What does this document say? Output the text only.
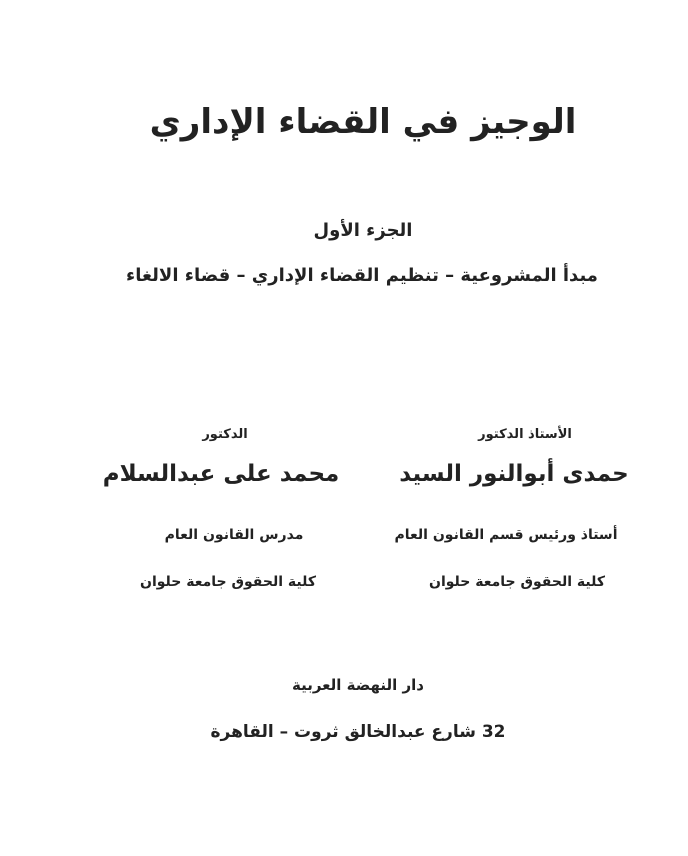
الوجيز في القضاء الإداري
الجزء الأول
مبدأ المشروعية – تنظيم القضاء الإداري – قضاء الالغاء
الأستاذ الدكتور
حمدى أبوالنور السيد
أستاذ ورئيس قسم القانون العام
كلية الحقوق جامعة حلوان
الدكتور
محمد على عبدالسلام
مدرس القانون العام
كلية الحقوق جامعة حلوان
دار النهضة العربية
32 شارع عبدالخالق ثروت – القاهرة
